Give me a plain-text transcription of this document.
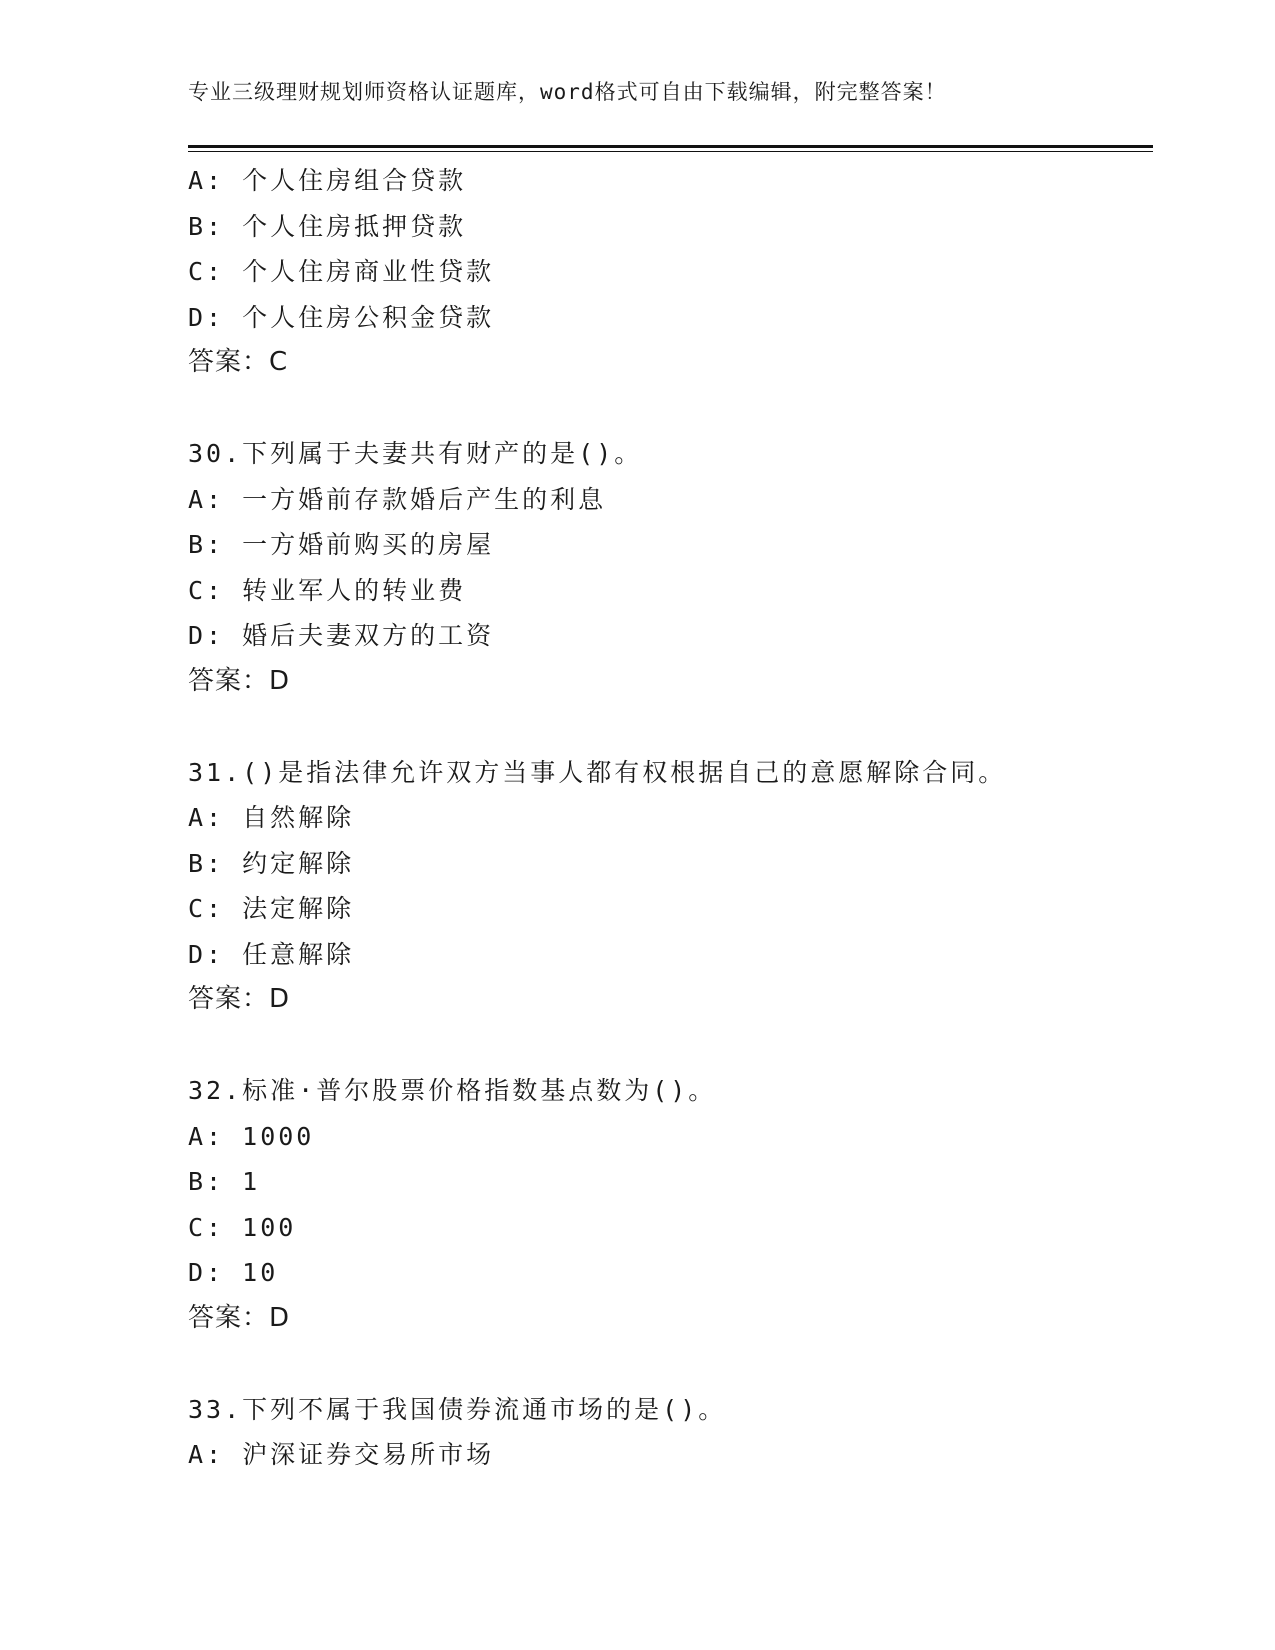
专业三级理财规划师资格认证题库，word格式可自由下载编辑，附完整答案！
A: 个人住房组合贷款
B: 个人住房抵押贷款
C: 个人住房商业性贷款
D: 个人住房公积金贷款
答案：C
30.下列属于夫妻共有财产的是()。
A: 一方婚前存款婚后产生的利息
B: 一方婚前购买的房屋
C: 转业军人的转业费
D: 婚后夫妻双方的工资
答案：D
31.()是指法律允许双方当事人都有权根据自己的意愿解除合同。
A: 自然解除
B: 约定解除
C: 法定解除
D: 任意解除
答案：D
32.标准·普尔股票价格指数基点数为()。
A: 1000
B: 1
C: 100
D: 10
答案：D
33.下列不属于我国债券流通市场的是()。
A: 沪深证券交易所市场
